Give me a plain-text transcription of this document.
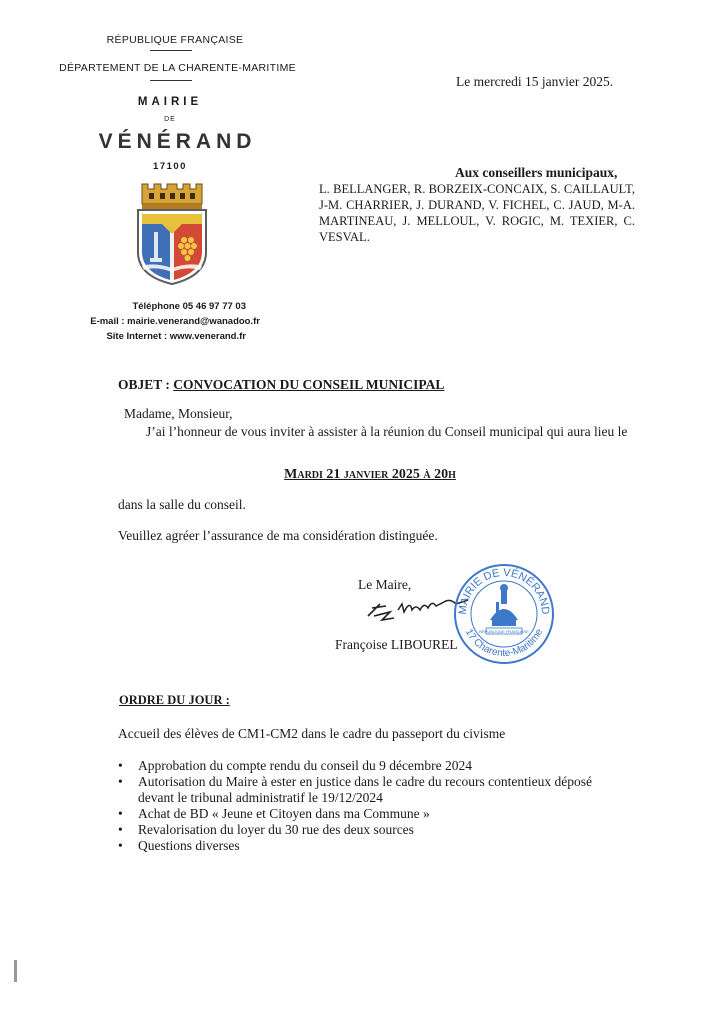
RÉPUBLIQUE FRANÇAISE
DÉPARTEMENT DE LA CHARENTE-MARITIME
MAIRIE
DE
VÉNÉRAND
17100
Téléphone 05 46 97 77 03
E-mail : mairie.venerand@wanadoo.fr
Site Internet : www.venerand.fr
Le mercredi 15 janvier 2025.
Aux conseillers municipaux,
L. BELLANGER, R. BORZEIX-CONCAIX, S. CAILLAULT, J-M. CHARRIER, J. DURAND, V. FICHEL, C. JAUD, M-A. MARTINEAU, J. MELLOUL, V. ROGIC, M. TEXIER, C. VESVAL.
OBJET : CONVOCATION DU CONSEIL MUNICIPAL
Madame, Monsieur,
J’ai l’honneur de vous inviter à assister à la réunion du Conseil municipal qui aura lieu le
Mardi 21 janvier 2025 à 20h
dans la salle du conseil.
Veuillez agréer l’assurance de ma considération distinguée.
Le Maire,
Françoise LIBOUREL
MAIRIE DE VÉNÉRAND
17 Charente-Maritime
RÉPUBLIQUE FRANÇAISE
ORDRE DU JOUR :
Accueil des élèves de CM1-CM2 dans le cadre du passeport du civisme
• Approbation du compte rendu du conseil du 9 décembre 2024
• Autorisation du Maire à ester en justice dans le cadre du recours contentieux déposé devant le tribunal administratif le 19/12/2024
• Achat de BD « Jeune et Citoyen dans ma Commune »
• Revalorisation du loyer du 30 rue des deux sources
• Questions diverses
